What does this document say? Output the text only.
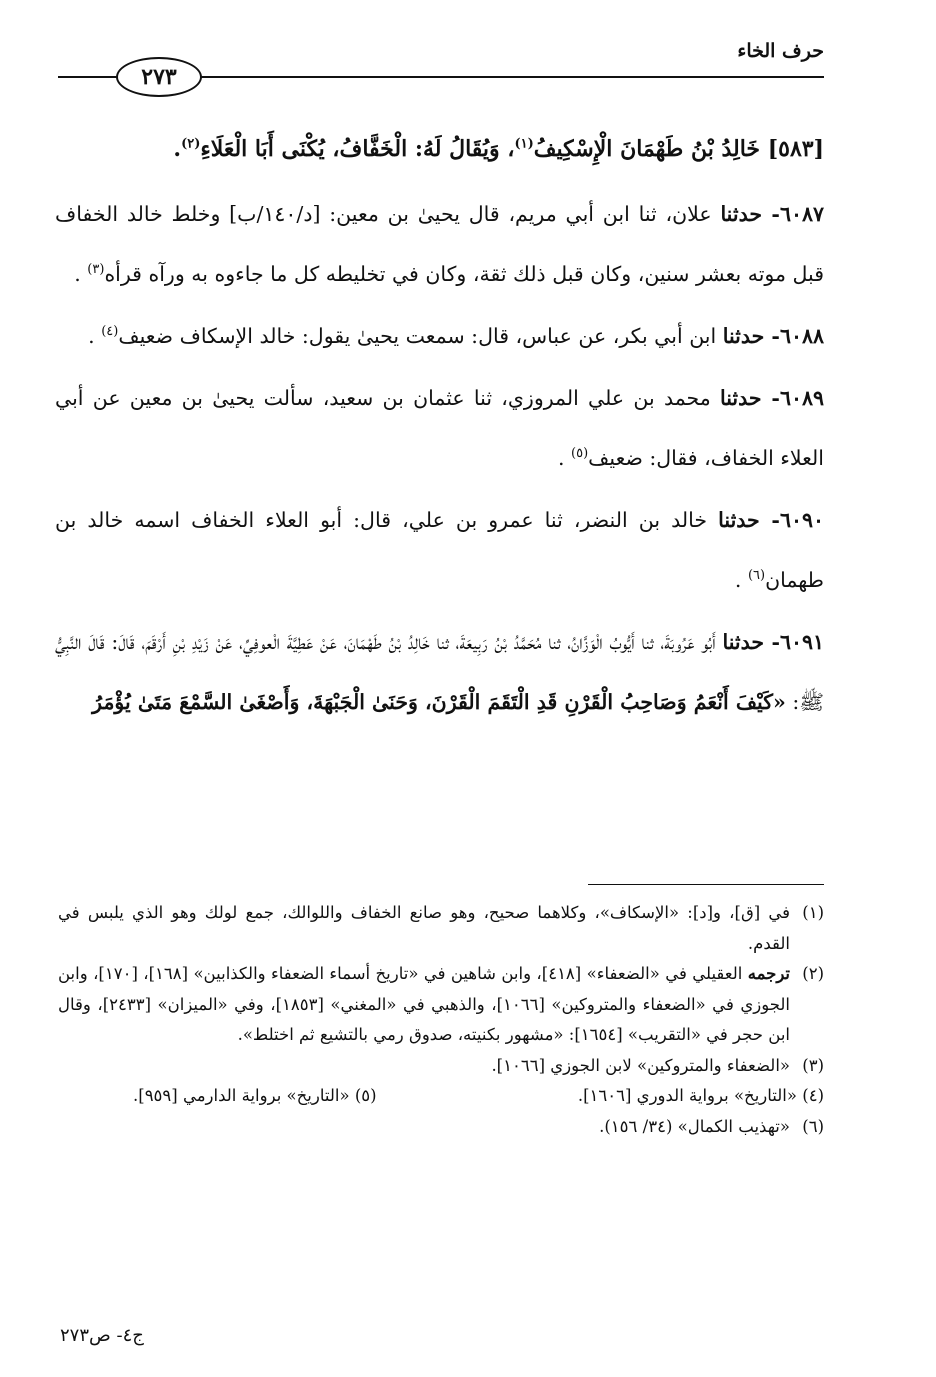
حرف الخاء
٢٧٣

[٥٨٣] خَالِدُ بْنُ طَهْمَانَ الْإِسْكِيفُ$^{(١)}$، وَيُقَالُ لَهُ: الْخَفَّافُ، يُكْنَى أَبَا الْعَلَاءِ$^{(٢)}$.

٦٠٨٧- حدثنا علان، ثنا ابن أبي مريم، قال يحيىٰ بن معين: [د/١٤٠/ب] وخلط خالد الخفاف قبل موته بعشر سنين، وكان قبل ذلك ثقة، وكان في تخليطه كل ما جاءوه به ورآه قرأه$^{(٣)}$ .

٦٠٨٨- حدثنا ابن أبي بكر، عن عباس، قال: سمعت يحيىٰ يقول: خالد الإسكاف ضعيف$^{(٤)}$ .

٦٠٨٩- حدثنا محمد بن علي المروزي، ثنا عثمان بن سعيد، سألت يحيىٰ بن معين عن أبي العلاء الخفاف، فقال: ضعيف$^{(٥)}$ .

٦٠٩٠- حدثنا خالد بن النضر، ثنا عمرو بن علي، قال: أبو العلاء الخفاف اسمه خالد بن طهمان$^{(٦)}$ .

٦٠٩١- حدثنا أَبُو عَرُوبَةَ، ثنا أَيُّوبُ الْوَزَّانُ، ثنا مُحَمَّدُ بْنُ رَبِيعَةَ، ثنا خَالِدُ بْنُ طَهْمَانَ، عَنْ عَطِيَّةَ الْعوفِيِّ، عَنْ زَيْدِ بْنِ أَرْقَمَ، قَالَ: قَالَ النَّبِيُّ ﷺ: «كَيْفَ أَنْعَمُ وَصَاحِبُ الْقَرْنِ قَدِ الْتَقَمَ الْقَرْنَ، وَحَنَىٰ الْجَبْهَةَ، وَأَصْغَىٰ السَّمْعَ مَتَىٰ يُؤْمَرُ

(١)
في [ق]، و[د]: «الإسكاف»، وكلاهما صحيح، وهو صانع الخفاف واللوالك، جمع لولك وهو الذي يلبس في القدم.

(٢)
ترجمه العقيلي في «الضعفاء» [٤١٨]، وابن شاهين في «تاريخ أسماء الضعفاء والكذابين» [١٦٨]، [١٧٠]، وابن الجوزي في «الضعفاء والمتروكين» [١٠٦٦]، والذهبي في «المغني» [١٨٥٣]، وفي «الميزان» [٢٤٣٣]، وقال ابن حجر في «التقريب» [١٦٥٤]: «مشهور بكنيته، صدوق رمي بالتشيع ثم اختلط».

(٣)
«الضعفاء والمتروكين» لابن الجوزي [١٠٦٦].

(٤) «التاريخ» برواية الدوري [١٦٠٦].
(٥) «التاريخ» برواية الدارمي [٩٥٩].

(٦)
«تهذيب الكمال» (٣٤/ ١٥٦).

ج٤- ص٢٧٣
